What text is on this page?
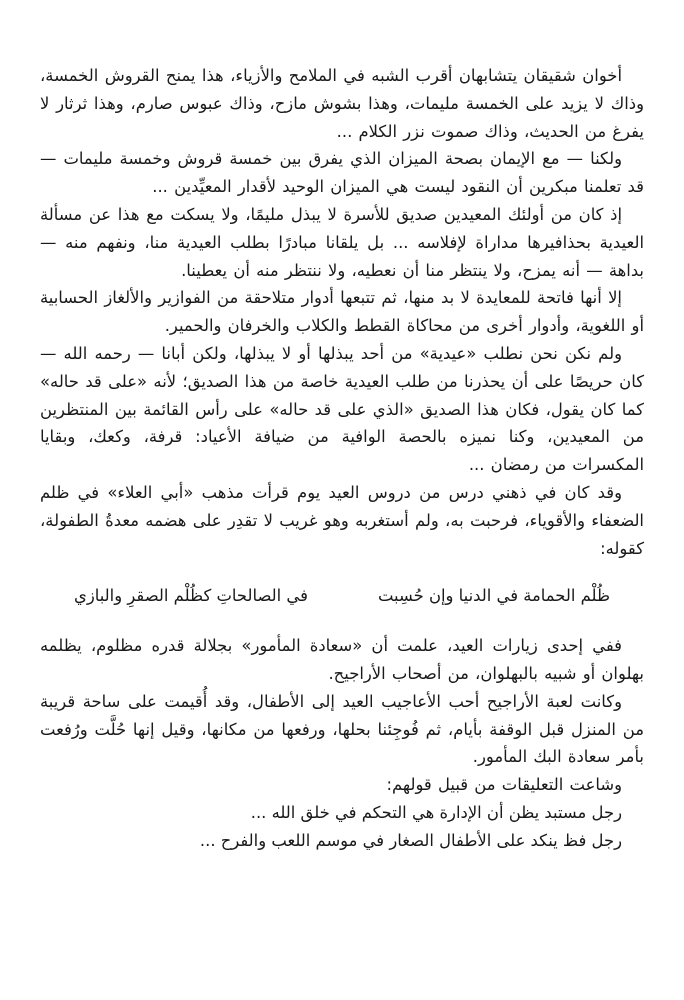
أخوان شقيقان يتشابهان أقرب الشبه في الملامح والأزياء، هذا يمنح القروش الخمسة، وذاك لا يزيد على الخمسة مليمات، وهذا بشوش مازح، وذاك عبوس صارم، وهذا ثرثار لا يفرغ من الحديث، وذاك صموت نزر الكلام ...

ولكنا — مع الإيمان بصحة الميزان الذي يفرق بين خمسة قروش وخمسة مليمات — قد تعلمنا مبكرين أن النقود ليست هي الميزان الوحيد لأقدار المعيِّدين ...

إذ كان من أولئك المعيدين صديق للأسرة لا يبذل مليمًا، ولا يسكت مع هذا عن مسألة العيدية بحذافيرها مداراة لإفلاسه ... بل يلقانا مبادرًا بطلب العيدية منا، ونفهم منه — بداهة — أنه يمزح، ولا ينتظر منا أن نعطيه، ولا ننتظر منه أن يعطينا.

إلا أنها فاتحة للمعايدة لا بد منها، ثم تتبعها أدوار متلاحقة من الفوازير والألغاز الحسابية أو اللغوية، وأدوار أخرى من محاكاة القطط والكلاب والخرفان والحمير.

ولم نكن نحن نطلب «عيدية» من أحد يبذلها أو لا يبذلها، ولكن أبانا — رحمه الله — كان حريصًا على أن يحذرنا من طلب العيدية خاصة من هذا الصديق؛ لأنه «على قد حاله» كما كان يقول، فكان هذا الصديق «الذي على قد حاله» على رأس القائمة بين المنتظرين من المعيدين، وكنا نميزه بالحصة الوافية من ضيافة الأعياد: قرفة، وكعك، وبقايا المكسرات من رمضان ...

وقد كان في ذهني درس من دروس العيد يوم قرأت مذهب «أبي العلاء» في ظلم الضعفاء والأقوياء، فرحبت به، ولم أستغربه وهو غريب لا تقدِر على هضمه معدةُ الطفولة، كقوله:

ظُلْم الحمامة في الدنيا وإن حُسِبت
في الصالحاتِ كظُلْم الصقرِ والبازي

ففي إحدى زيارات العيد، علمت أن «سعادة المأمور» بجلالة قدره مظلوم، يظلمه بهلوان أو شبيه بالبهلوان، من أصحاب الأراجيح.

وكانت لعبة الأراجيح أحب الأعاجيب العيد إلى الأطفال، وقد أُقيمت على ساحة قريبة من المنزل قبل الوقفة بأيام، ثم فُوجِئنا بحلها، ورفعها من مكانها، وقيل إنها حُلَّت ورُفعت بأمر سعادة البك المأمور.

وشاعت التعليقات من قبيل قولهم:

رجل مستبد يظن أن الإدارة هي التحكم في خلق الله ...

رجل فظ ينكد على الأطفال الصغار في موسم اللعب والفرح ...
